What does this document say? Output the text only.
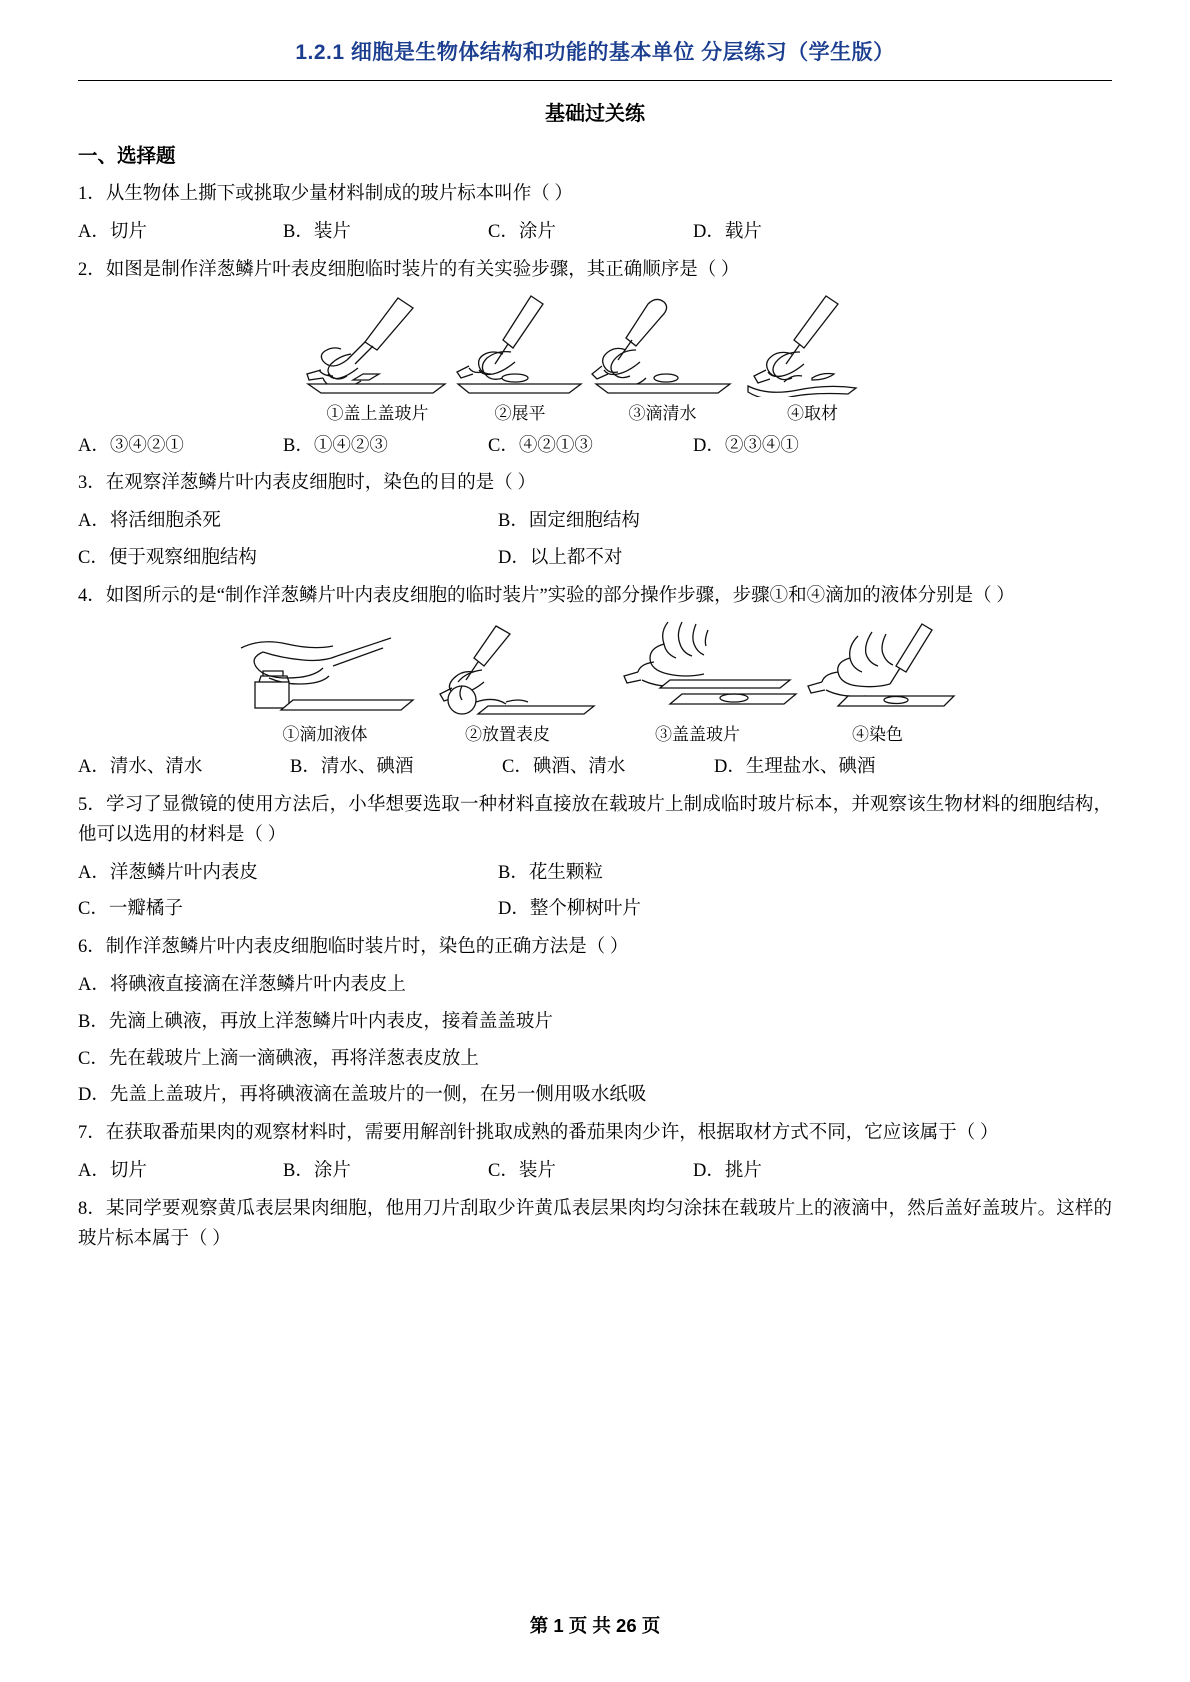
1.2.1 细胞是生物体结构和功能的基本单位 分层练习（学生版）
基础过关练
一、选择题
1．从生物体上撕下或挑取少量材料制成的玻片标本叫作（ ）
A．切片	B．装片	C．涂片	D．载片
2．如图是制作洋葱鳞片叶表皮细胞临时装片的有关实验步骤，其正确顺序是（ ）
①盖上盖玻片	②展平	③滴清水	④取材
A．③④②①	B．①④②③	C．④②①③	D．②③④①
3．在观察洋葱鳞片叶内表皮细胞时，染色的目的是（ ）
A．将活细胞杀死	B．固定细胞结构
C．便于观察细胞结构	D．以上都不对
4．如图所示的是“制作洋葱鳞片叶内表皮细胞的临时装片”实验的部分操作步骤，步骤①和④滴加的液体分别是（ ）
①滴加液体	②放置表皮	③盖盖玻片	④染色
A．清水、清水	B．清水、碘酒	C．碘酒、清水	D．生理盐水、碘酒
5．学习了显微镜的使用方法后，小华想要选取一种材料直接放在载玻片上制成临时玻片标本，并观察该生物材料的细胞结构，他可以选用的材料是（ ）
A．洋葱鳞片叶内表皮	B．花生颗粒
C．一瓣橘子	D．整个柳树叶片
6．制作洋葱鳞片叶内表皮细胞临时装片时，染色的正确方法是（ ）
A．将碘液直接滴在洋葱鳞片叶内表皮上
B．先滴上碘液，再放上洋葱鳞片叶内表皮，接着盖盖玻片
C．先在载玻片上滴一滴碘液，再将洋葱表皮放上
D．先盖上盖玻片，再将碘液滴在盖玻片的一侧，在另一侧用吸水纸吸
7．在获取番茄果肉的观察材料时，需要用解剖针挑取成熟的番茄果肉少许，根据取材方式不同，它应该属于（ ）
A．切片	B．涂片	C．装片	D．挑片
8．某同学要观察黄瓜表层果肉细胞，他用刀片刮取少许黄瓜表层果肉均匀涂抹在载玻片上的液滴中，然后盖好盖玻片。这样的玻片标本属于（ ）
第 1 页 共 26 页
